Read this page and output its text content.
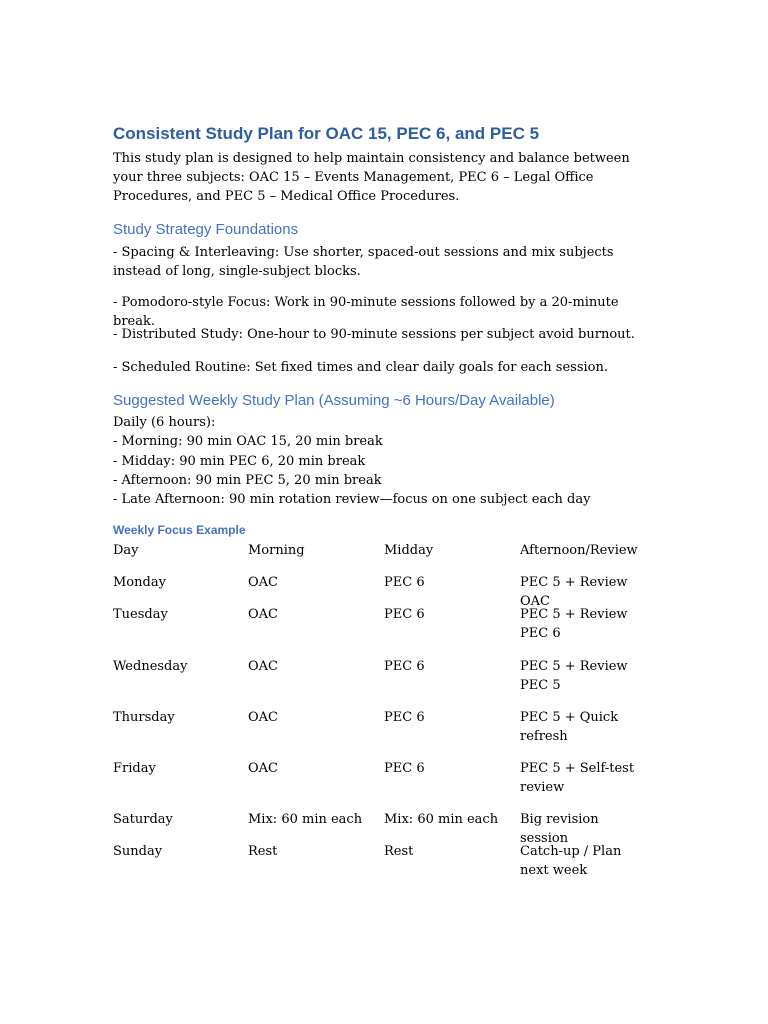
Consistent Study Plan for OAC 15, PEC 6, and PEC 5

This study plan is designed to help maintain consistency and balance between your three subjects: OAC 15 – Events Management, PEC 6 – Legal Office Procedures, and PEC 5 – Medical Office Procedures.

Study Strategy Foundations

- Spacing & Interleaving: Use shorter, spaced-out sessions and mix subjects instead of long, single-subject blocks.

- Pomodoro-style Focus: Work in 90-minute sessions followed by a 20-minute break.

- Distributed Study: One-hour to 90-minute sessions per subject avoid burnout.

- Scheduled Routine: Set fixed times and clear daily goals for each session.

Suggested Weekly Study Plan (Assuming ~6 Hours/Day Available)
Daily (6 hours):
- Morning: 90 min OAC 15, 20 min break
- Midday: 90 min PEC 6, 20 min break
- Afternoon: 90 min PEC 5, 20 min break
- Late Afternoon: 90 min rotation review—focus on one subject each day
Weekly Focus Example
Day	Morning	Midday	Afternoon/Review
Monday	OAC	PEC 6	PEC 5 + Review OAC
Tuesday	OAC	PEC 6	PEC 5 + Review PEC 6
Wednesday	OAC	PEC 6	PEC 5 + Review PEC 5
Thursday	OAC	PEC 6	PEC 5 + Quick refresh
Friday	OAC	PEC 6	PEC 5 + Self-test review
Saturday	Mix: 60 min each	Mix: 60 min each	Big revision session
Sunday	Rest	Rest	Catch-up / Plan next week
